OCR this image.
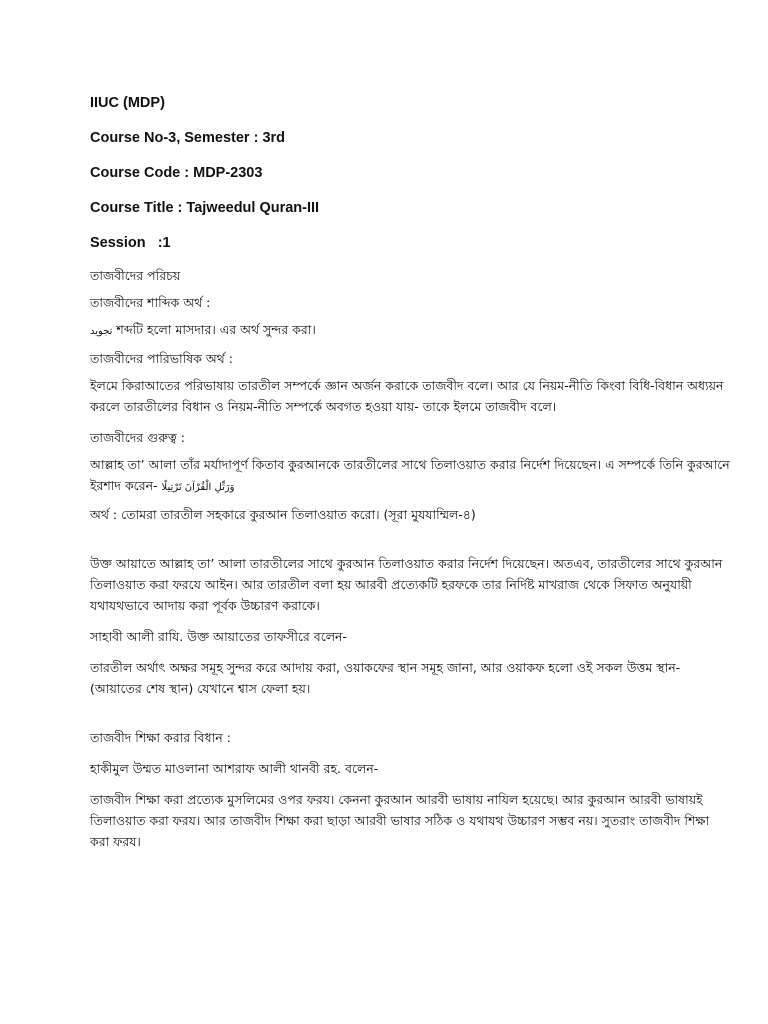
IIUC (MDP)
Course No-3, Semester : 3rd
Course Code : MDP-2303
Course Title : Tajweedul Quran-III
Session   :1

তাজবীদের পরিচয়

তাজবীদের শাব্দিক অর্থ :

تجويد শব্দটি হলো মাসদার। এর অর্থ সুন্দর করা।

তাজবীদের পারিভাষিক অর্থ :

ইলমে কিরাআতের পরিভাষায় তারতীল সম্পর্কে জ্ঞান অর্জন করাকে তাজবীদ বলে। আর যে নিয়ম-নীতি কিংবা বিধি-বিধান অধ্যয়ন করলে তারতীলের বিধান ও নিয়ম-নীতি সম্পর্কে অবগত হওয়া যায়- তাকে ইলমে তাজবীদ বলে।

তাজবীদের গুরুত্ব :

আল্লাহ তা’ আলা তাঁর মর্যাদাপূর্ণ কিতাব কুরআনকে তারতীলের সাথে তিলাওয়াত করার নির্দেশ দিয়েছেন। এ সম্পর্কে তিনি কুরআনে ইরশাদ করেন- وَرَتِّلِ الْقُرْآنَ تَرْتِيلًا

অর্থ : তোমরা তারতীল সহকারে কুরআন তিলাওয়াত করো। (সূরা মুযযাম্মিল-৪)

উক্ত আয়াতে আল্লাহ তা’ আলা তারতীলের সাথে কুরআন তিলাওয়াত করার নির্দেশ দিয়েছেন। অতএব, তারতীলের সাথে কুরআন তিলাওয়াত করা ফরযে আইন। আর তারতীল বলা হয় আরবী প্রত্যেকটি হরফকে তার নির্দিষ্ট মাখরাজ থেকে সিফাত অনুযায়ী যথাযথভাবে আদায় করা পূর্বক উচ্চারণ করাকে।

সাহাবী আলী রাযি. উক্ত আয়াতের তাফসীরে বলেন-

তারতীল অর্থাৎ অক্ষর সমূহ সুন্দর করে আদায় করা, ওয়াকফের স্থান সমূহ জানা, আর ওয়াকফ হলো ওই সকল উত্তম স্থান- (আয়াতের শেষ স্থান) যেখানে শ্বাস ফেলা হয়।

তাজবীদ শিক্ষা করার বিধান :

হাকীমুল উম্মত মাওলানা আশরাফ আলী থানবী রহ. বলেন-

তাজবীদ শিক্ষা করা প্রত্যেক মুসলিমের ওপর ফরয। কেননা কুরআন আরবী ভাষায় নাযিল হয়েছে। আর কুরআন আরবী ভাষায়ই তিলাওয়াত করা ফরয। আর তাজবীদ শিক্ষা করা ছাড়া আরবী ভাষার সঠিক ও যথাযথ উচ্চারণ সম্ভব নয়। সুতরাং তাজবীদ শিক্ষা করা ফরয।
